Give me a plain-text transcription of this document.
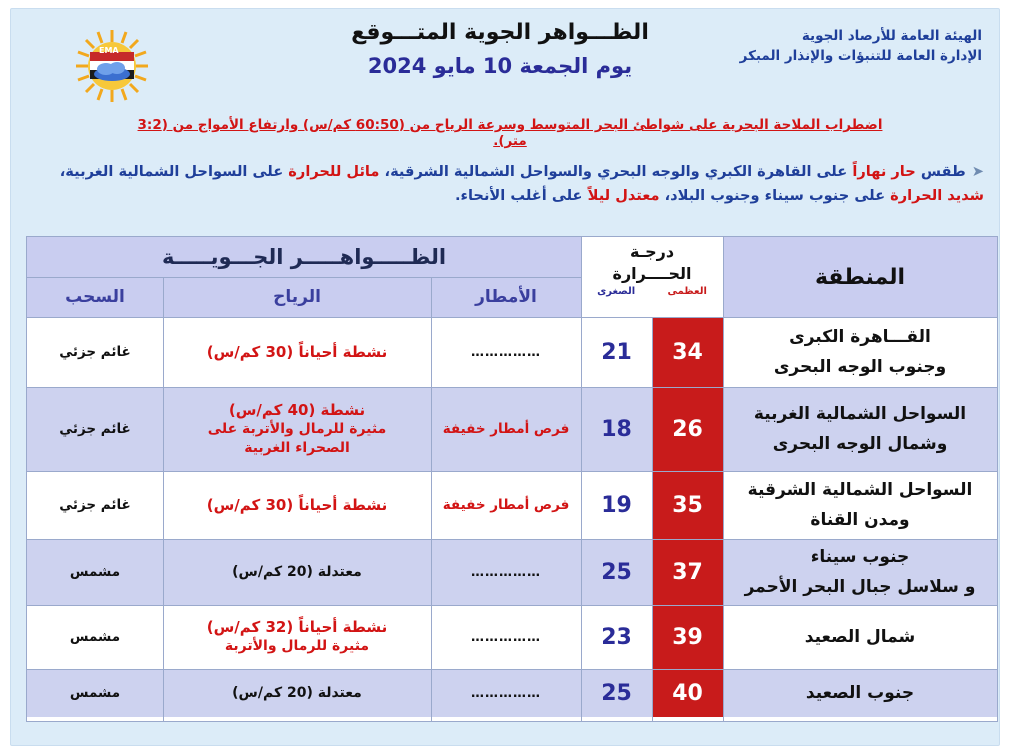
EMA
الهيئة العامة للأرصاد الجوية
الإدارة العامة للتنبؤات والإنذار المبكر
الظـــواهر الجوية المتـــوقع
يوم الجمعة 10 مايو 2024
اضطراب الملاحة البحرية على شواطئ البحر المتوسط وسرعة الرياح من (60:50 كم/س) وارتفاع الأمواج من (3:2 متر).
➤طقس حار نهاراً على القاهرة الكبري والوجه البحري والسواحل الشمالية الشرقية، مائل للحرارة على السواحل الشمالية الغربية،
شديد الحرارة على جنوب سيناء وجنوب البلاد، معتدل ليلاً على أغلب الأنحاء.
المنطقة
درجـة
الحــــرارة
العظمى
الصغرى
الظـــــواهـــــر الجـــويـــــة
الأمطار
الرياح
السحب
القـــاهرة الكبرى
وجنوب الوجه البحرى
34
21
……………
نشطة أحياناً (30 كم/س)
غائم جزئي
السواحل الشمالية الغربية
وشمال الوجه البحرى
26
18
فرص أمطار خفيفة
نشطة (40 كم/س)
مثيرة للرمال والأتربة على
الصحراء الغربية
غائم جزئي
السواحل الشمالية الشرقية
ومدن القناة
35
19
فرص أمطار خفيفة
نشطة أحياناً (30 كم/س)
غائم جزئي
جنوب سيناء
و سلاسل جبال البحر الأحمر
37
25
……………
معتدلة (20 كم/س)
مشمس
شمال الصعيد
39
23
……………
نشطة أحياناً (32 كم/س)
مثيرة للرمال والأتربة
مشمس
جنوب الصعيد
40
25
……………
معتدلة (20 كم/س)
مشمس
